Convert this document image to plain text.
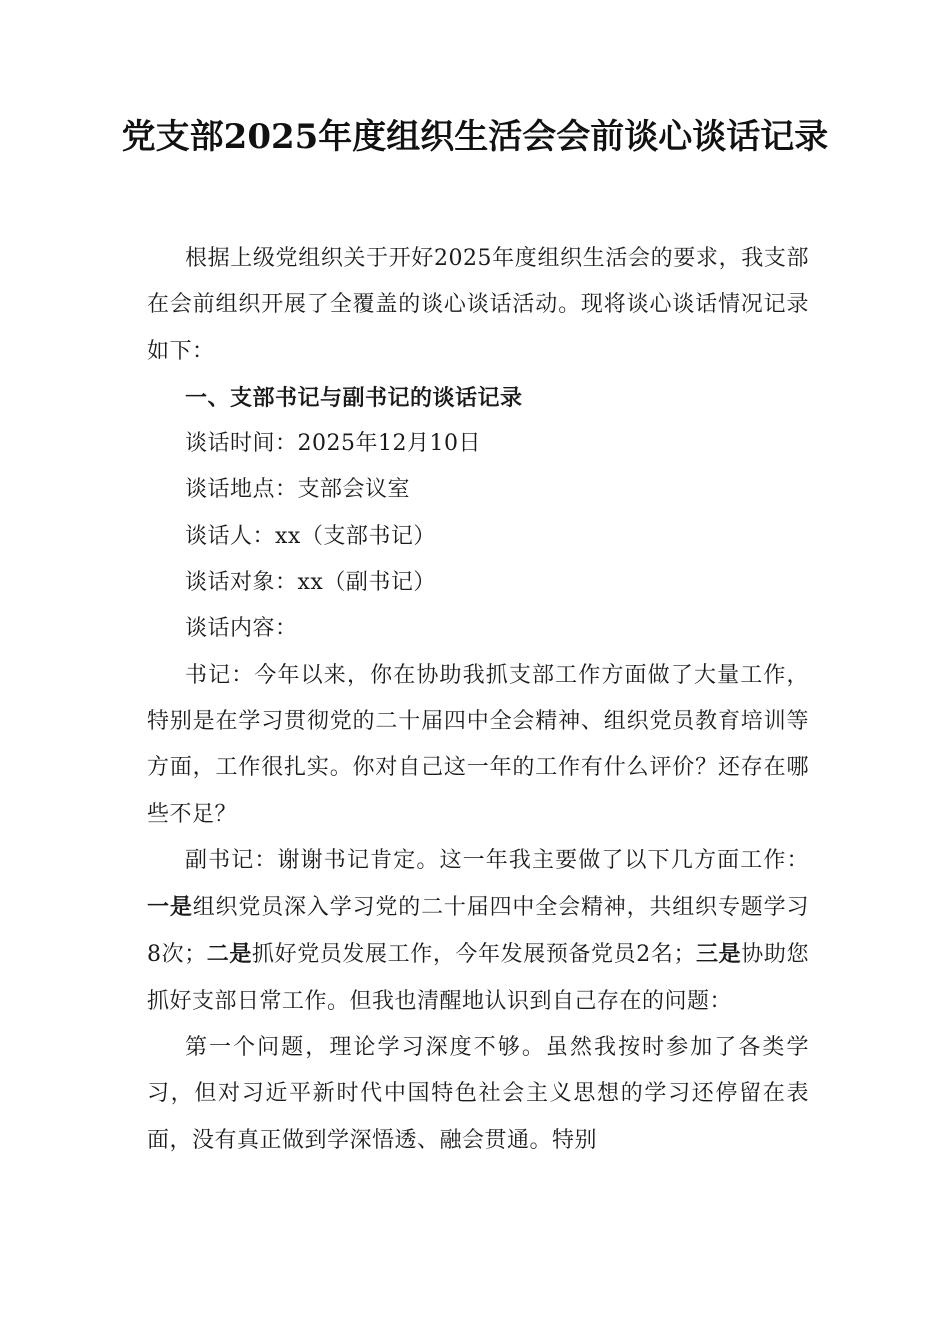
党支部2025年度组织生活会会前谈心谈话记录

根据上级党组织关于开好2025年度组织生活会的要求，我支部在会前组织开展了全覆盖的谈心谈话活动。现将谈心谈话情况记录如下：

一、支部书记与副书记的谈话记录

谈话时间：2025年12月10日

谈话地点：支部会议室

谈话人：xx（支部书记）

谈话对象：xx（副书记）

谈话内容：

书记：今年以来，你在协助我抓支部工作方面做了大量工作，特别是在学习贯彻党的二十届四中全会精神、组织党员教育培训等方面，工作很扎实。你对自己这一年的工作有什么评价？还存在哪些不足？

副书记：谢谢书记肯定。这一年我主要做了以下几方面工作：一是组织党员深入学习党的二十届四中全会精神，共组织专题学习8次；二是抓好党员发展工作，今年发展预备党员2名；三是协助您抓好支部日常工作。但我也清醒地认识到自己存在的问题：

第一个问题，理论学习深度不够。虽然我按时参加了各类学习，但对习近平新时代中国特色社会主义思想的学习还停留在表面，没有真正做到学深悟透、融会贯通。特别
